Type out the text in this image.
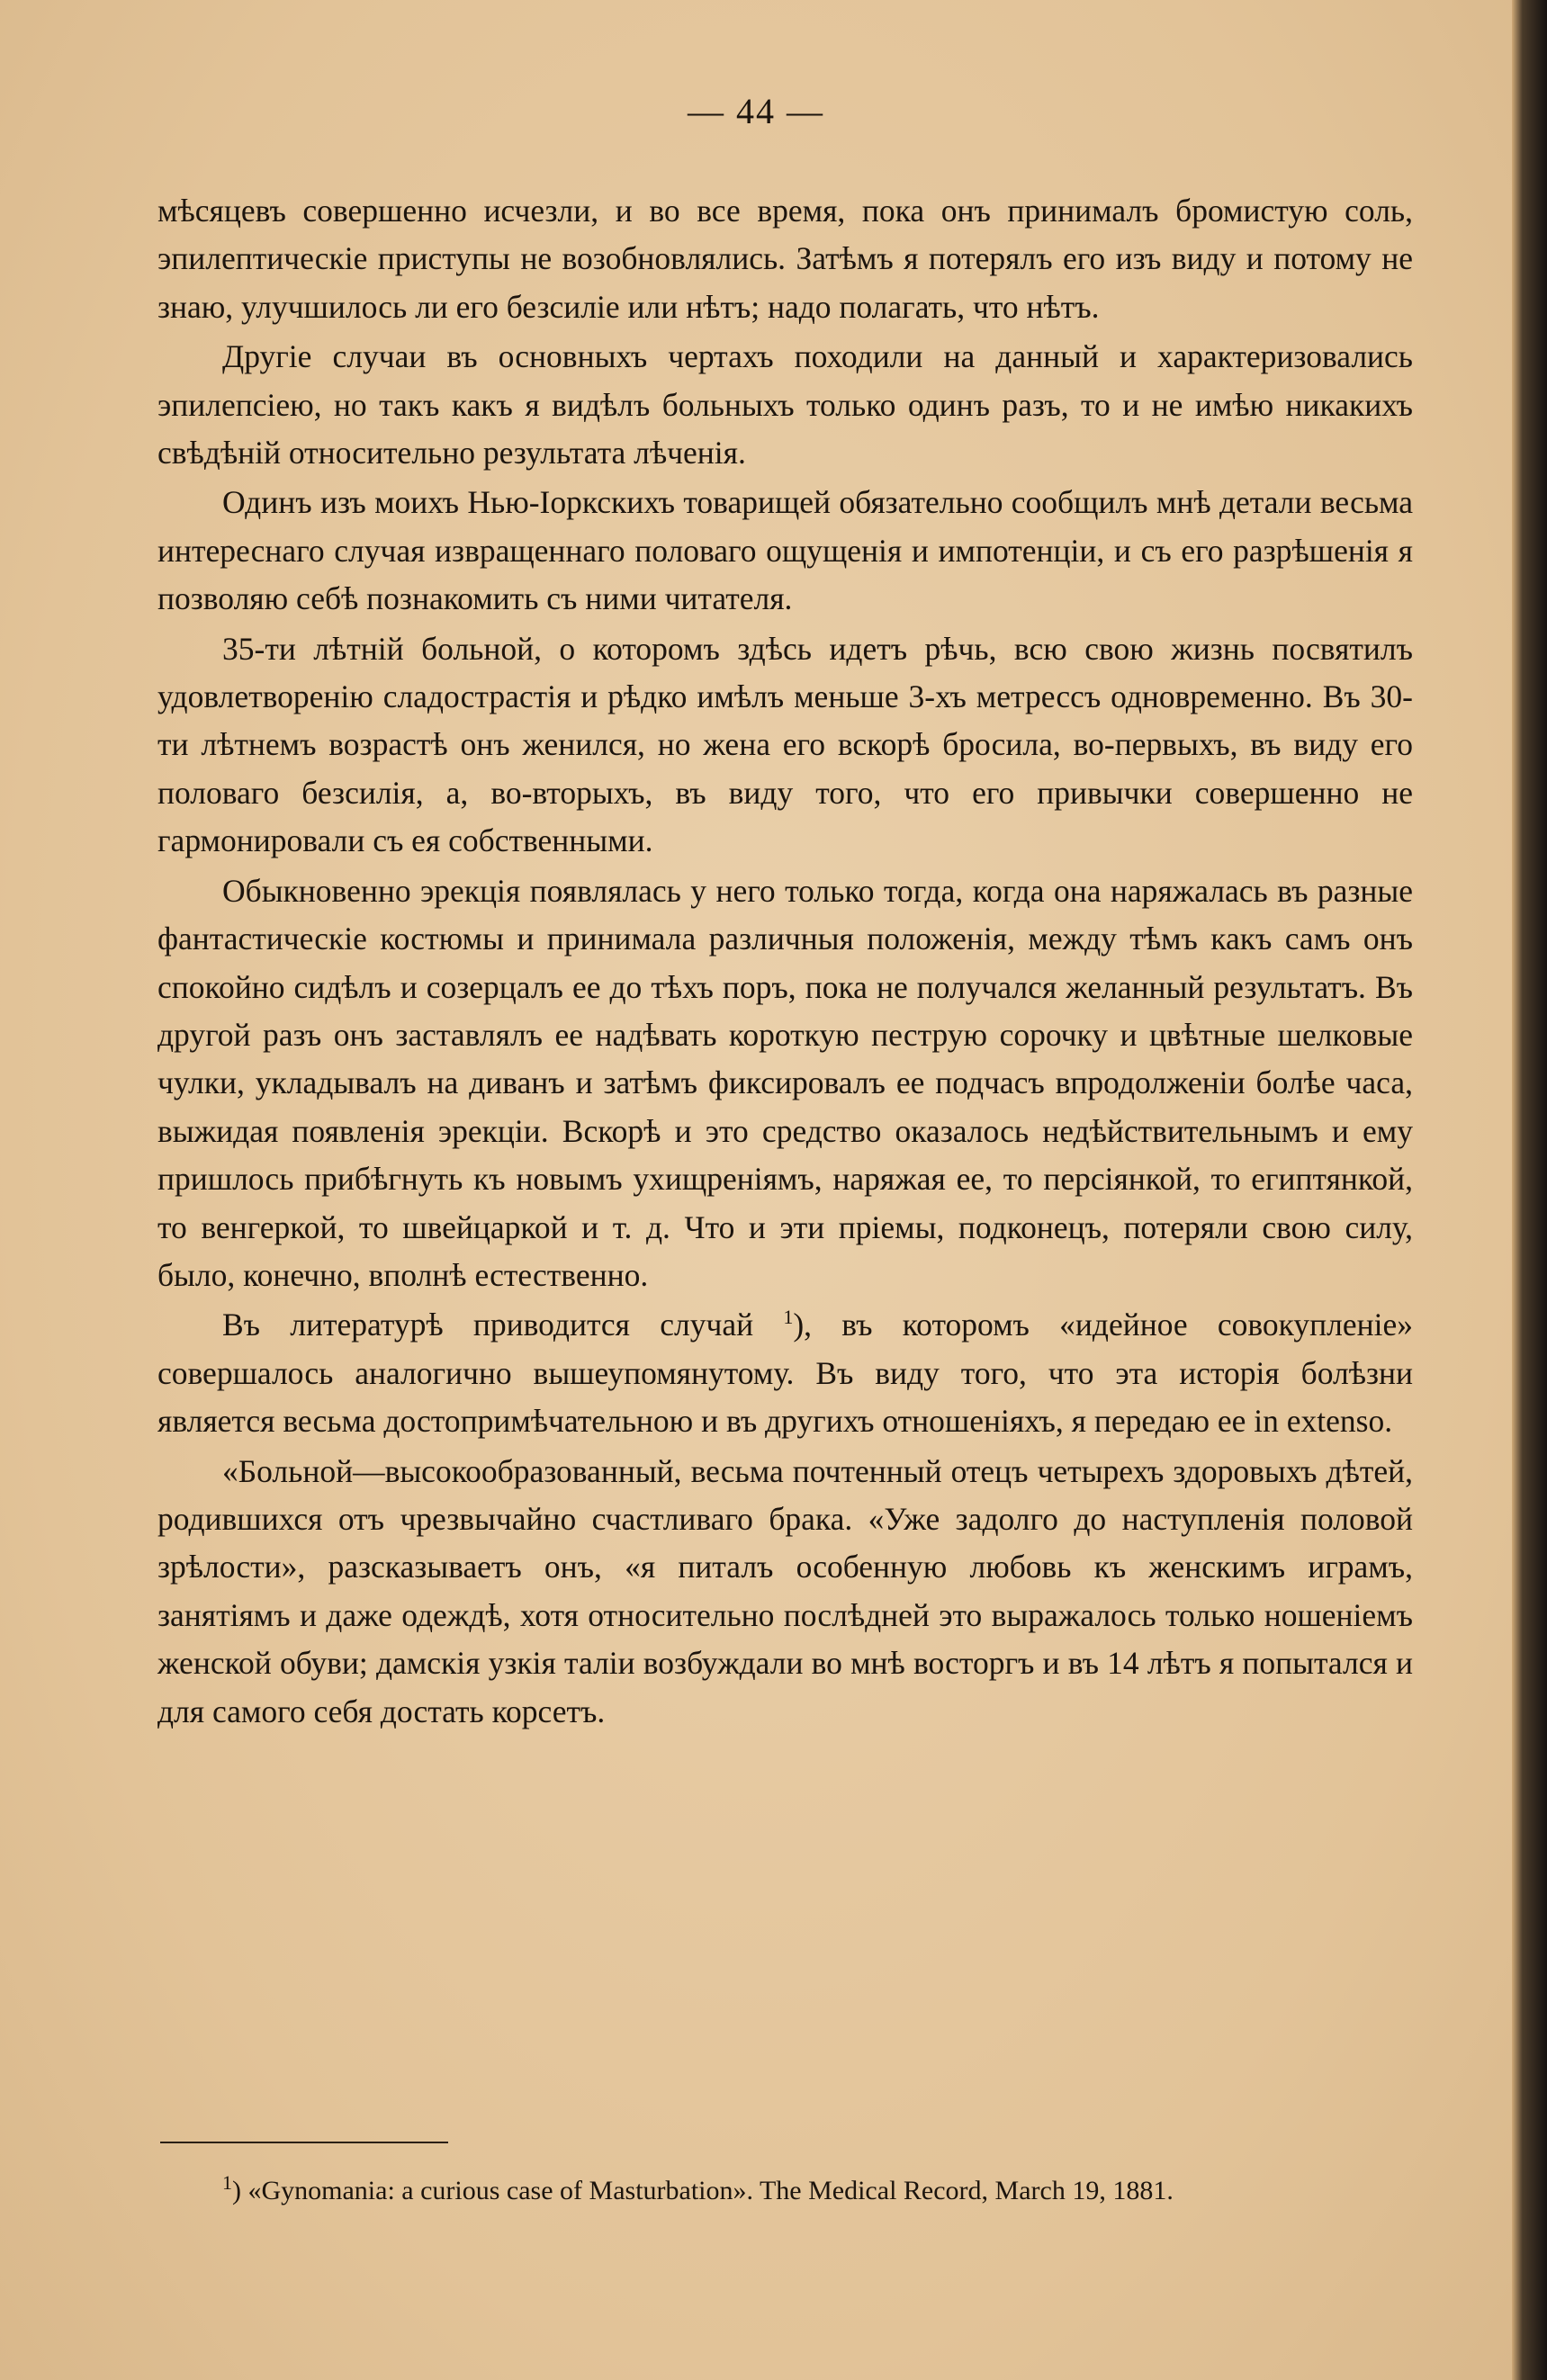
— 44 —

мѣсяцевъ совершенно исчезли, и во все время, пока онъ принималъ бромистую соль, эпилептическіе приступы не возобновлялись. Затѣмъ я потерялъ его изъ виду и потому не знаю, улучшилось ли его безсиліе или нѣтъ; надо полагать, что нѣтъ.

Другіе случаи въ основныхъ чертахъ походили на данный и характеризовались эпилепсіею, но такъ какъ я видѣлъ больныхъ только одинъ разъ, то и не имѣю никакихъ свѣдѣній относительно результата лѣченія.

Одинъ изъ моихъ Нью-Іоркскихъ товарищей обязательно сообщилъ мнѣ детали весьма интереснаго случая извращеннаго половаго ощущенія и импотенціи, и съ его разрѣшенія я позволяю себѣ познакомить съ ними читателя.

35-ти лѣтній больной, о которомъ здѣсь идетъ рѣчь, всю свою жизнь посвятилъ удовлетворенію сладострастія и рѣдко имѣлъ меньше 3-хъ метрессъ одновременно. Въ 30-ти лѣтнемъ возрастѣ онъ женился, но жена его вскорѣ бросила, во-первыхъ, въ виду его половаго безсилія, а, во-вторыхъ, въ виду того, что его привычки совершенно не гармонировали съ ея собственными.

Обыкновенно эрекція появлялась у него только тогда, когда она наряжалась въ разные фантастическіе костюмы и принимала различныя положенія, между тѣмъ какъ самъ онъ спокойно сидѣлъ и созерцалъ ее до тѣхъ поръ, пока не получался желанный результатъ. Въ другой разъ онъ заставлялъ ее надѣвать короткую пеструю сорочку и цвѣтные шелковые чулки, укладывалъ на диванъ и затѣмъ фиксировалъ ее подчасъ впродолженіи болѣе часа, выжидая появленія эрекціи. Вскорѣ и это средство оказалось недѣйствительнымъ и ему пришлось прибѣгнуть къ новымъ ухищреніямъ, наряжая ее, то персіянкой, то египтянкой, то венгеркой, то швейцаркой и т. д. Что и эти пріемы, подконецъ, потеряли свою силу, было, конечно, вполнѣ естественно.

Въ литературѣ приводится случай $^1$), въ которомъ «идейное совокупленіе» совершалось аналогично вышеупомянутому. Въ виду того, что эта исторія болѣзни является весьма достопримѣчательною и въ другихъ отношеніяхъ, я передаю ее in extenso.

«Больной—высокообразованный, весьма почтенный отецъ четырехъ здоровыхъ дѣтей, родившихся отъ чрезвычайно счастливаго брака. «Уже задолго до наступленія половой зрѣлости», разсказываетъ онъ, «я питалъ особенную любовь къ женскимъ играмъ, занятіямъ и даже одеждѣ, хотя относительно послѣдней это выражалось только ношеніемъ женской обуви; дамскія узкія таліи возбуждали во мнѣ восторгъ и въ 14 лѣтъ я попытался и для самого себя достать корсетъ.

$^1$) «Gynomania: a curious case of Masturbation». The Medical Record, March 19, 1881.
